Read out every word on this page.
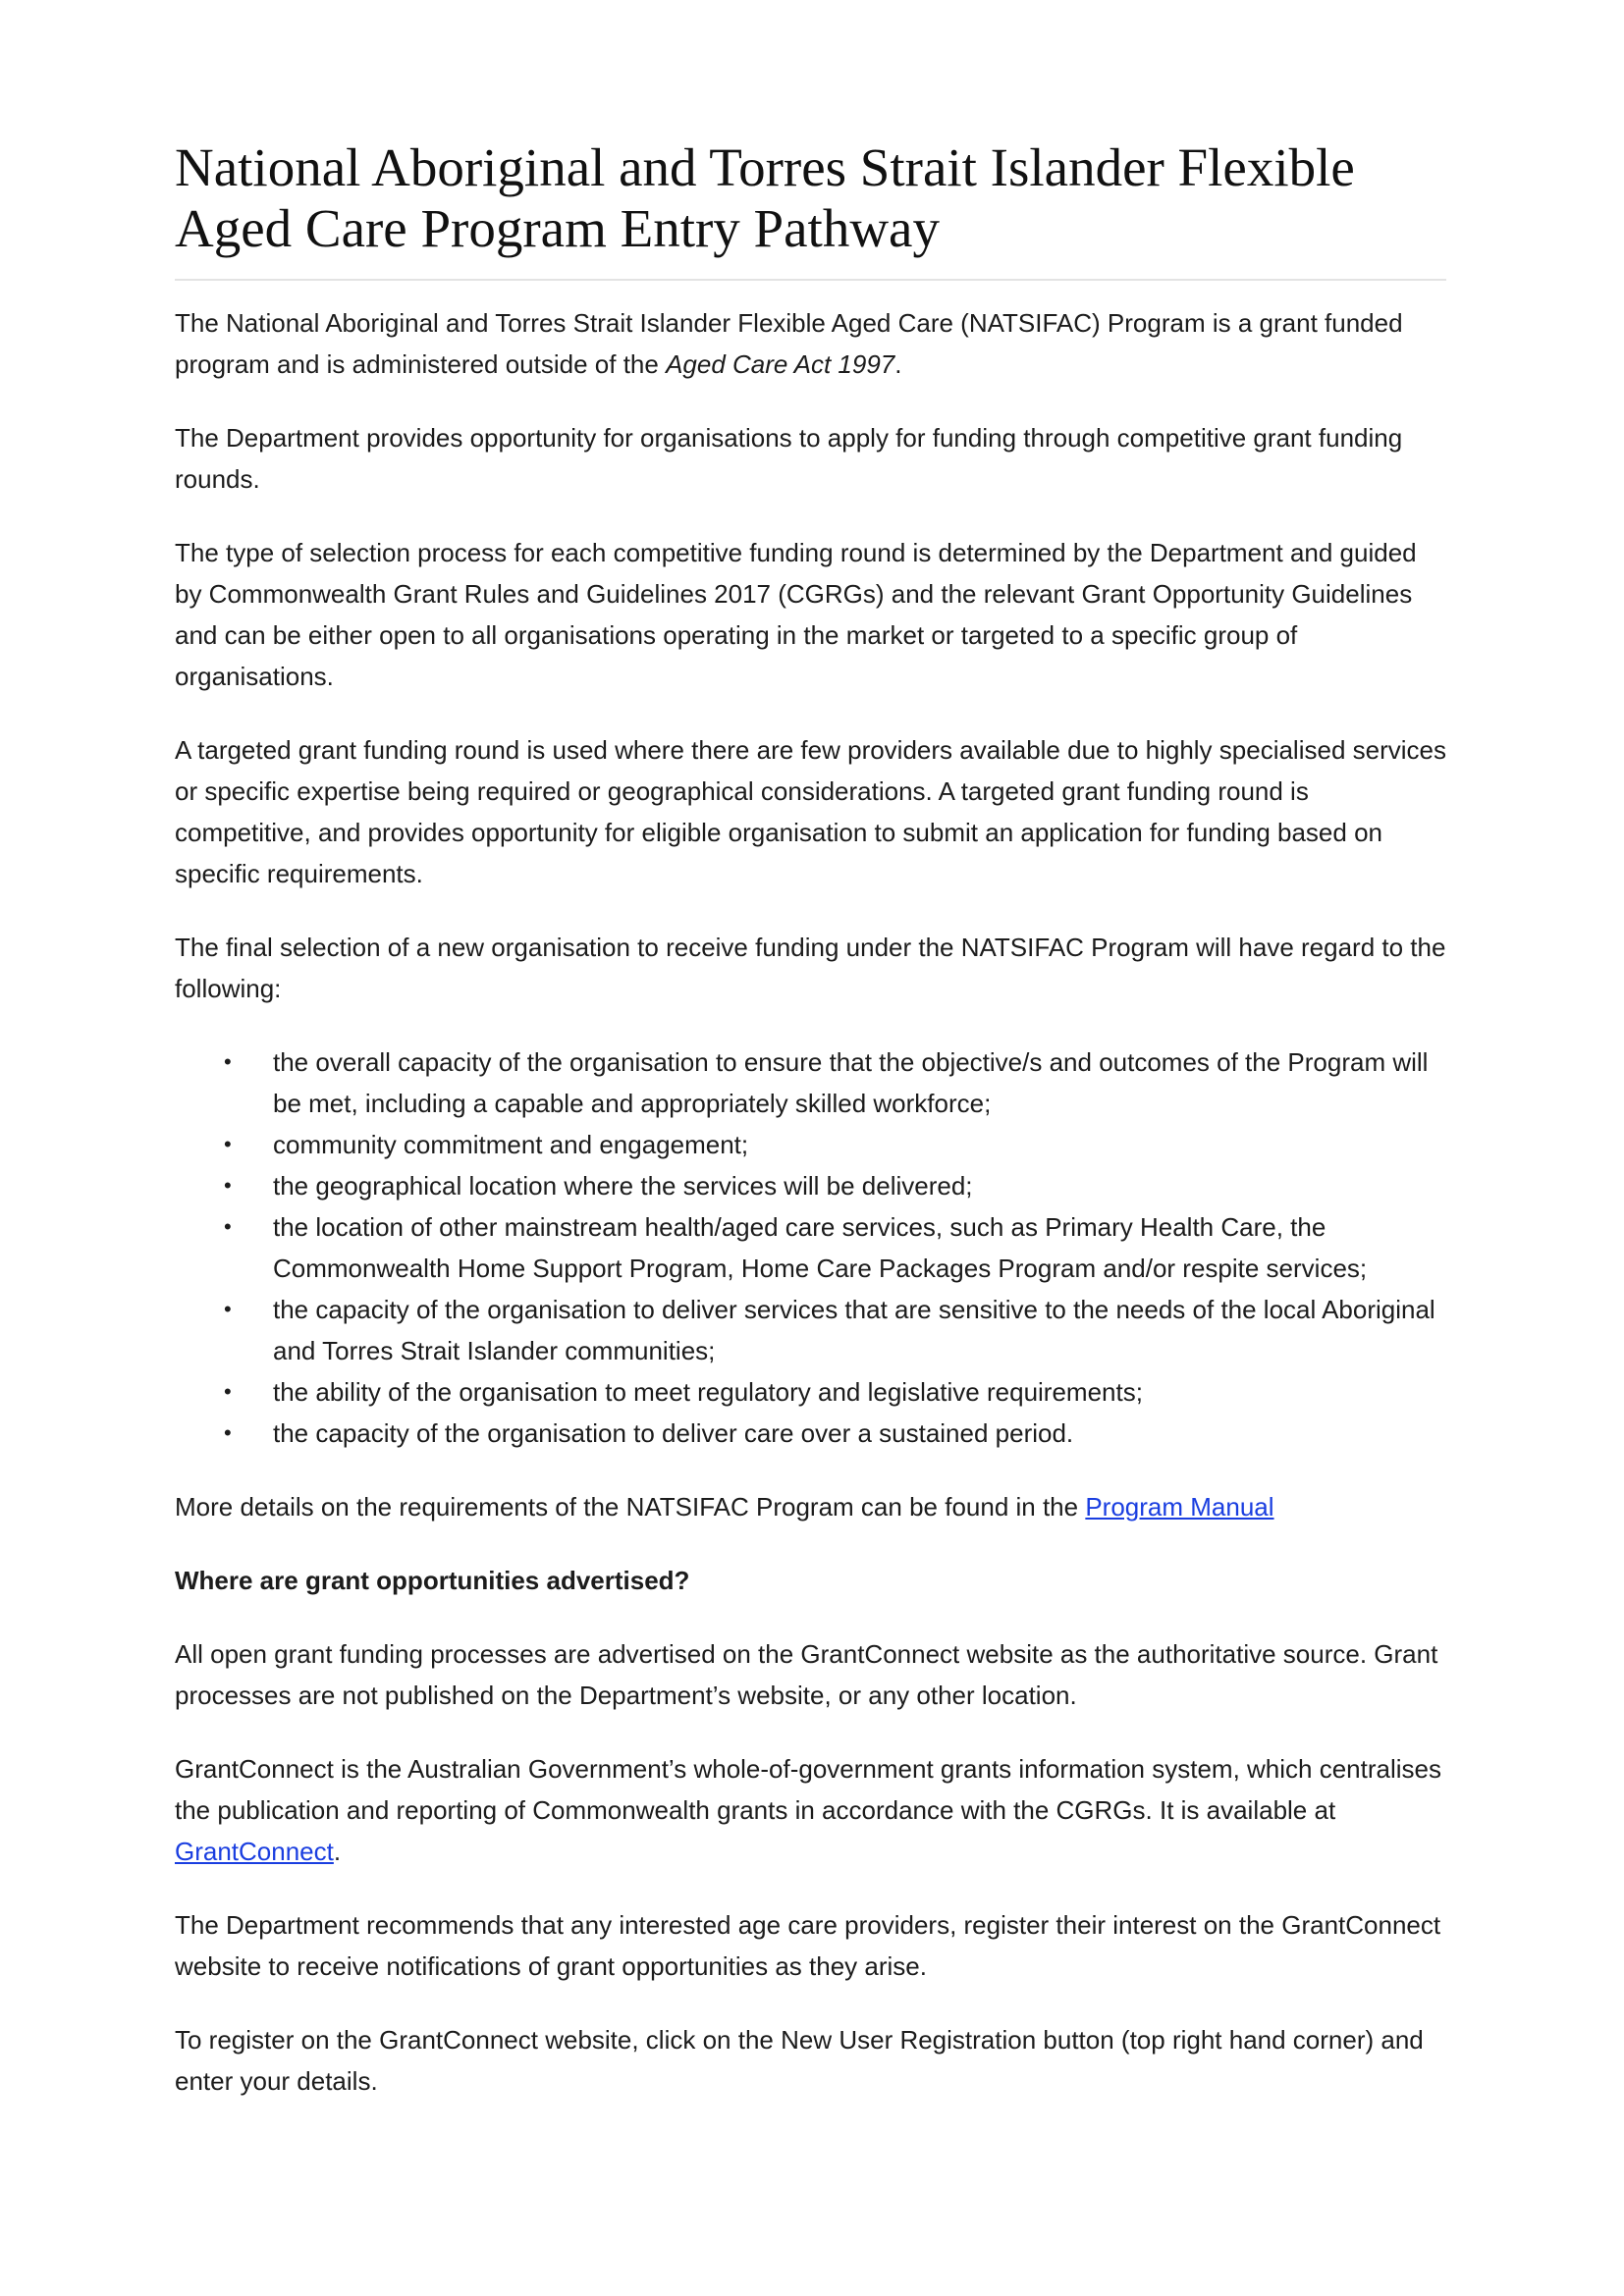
National Aboriginal and Torres Strait Islander Flexible
Aged Care Program Entry Pathway

The National Aboriginal and Torres Strait Islander Flexible Aged Care (NATSIFAC) Program is a grant funded program and is administered outside of the Aged Care Act 1997.

The Department provides opportunity for organisations to apply for funding through competitive grant funding rounds.

The type of selection process for each competitive funding round is determined by the Department and guided by Commonwealth Grant Rules and Guidelines 2017 (CGRGs) and the relevant Grant Opportunity Guidelines and can be either open to all organisations operating in the market or targeted to a specific group of organisations.

A targeted grant funding round is used where there are few providers available due to highly specialised services or specific expertise being required or geographical considerations. A targeted grant funding round is competitive, and provides opportunity for eligible organisation to submit an application for funding based on specific requirements.

The final selection of a new organisation to receive funding under the NATSIFAC Program will have regard to the following:

• the overall capacity of the organisation to ensure that the objective/s and outcomes of the Program will be met, including a capable and appropriately skilled workforce;
• community commitment and engagement;
• the geographical location where the services will be delivered;
• the location of other mainstream health/aged care services, such as Primary Health Care, the Commonwealth Home Support Program, Home Care Packages Program and/or respite services;
• the capacity of the organisation to deliver services that are sensitive to the needs of the local Aboriginal and Torres Strait Islander communities;
• the ability of the organisation to meet regulatory and legislative requirements;
• the capacity of the organisation to deliver care over a sustained period.

More details on the requirements of the NATSIFAC Program can be found in the Program Manual

Where are grant opportunities advertised?

All open grant funding processes are advertised on the GrantConnect website as the authoritative source. Grant processes are not published on the Department’s website, or any other location.

GrantConnect is the Australian Government’s whole-of-government grants information system, which centralises the publication and reporting of Commonwealth grants in accordance with the CGRGs. It is available at GrantConnect.

The Department recommends that any interested age care providers, register their interest on the GrantConnect website to receive notifications of grant opportunities as they arise.

To register on the GrantConnect website, click on the New User Registration button (top right hand corner) and enter your details.
